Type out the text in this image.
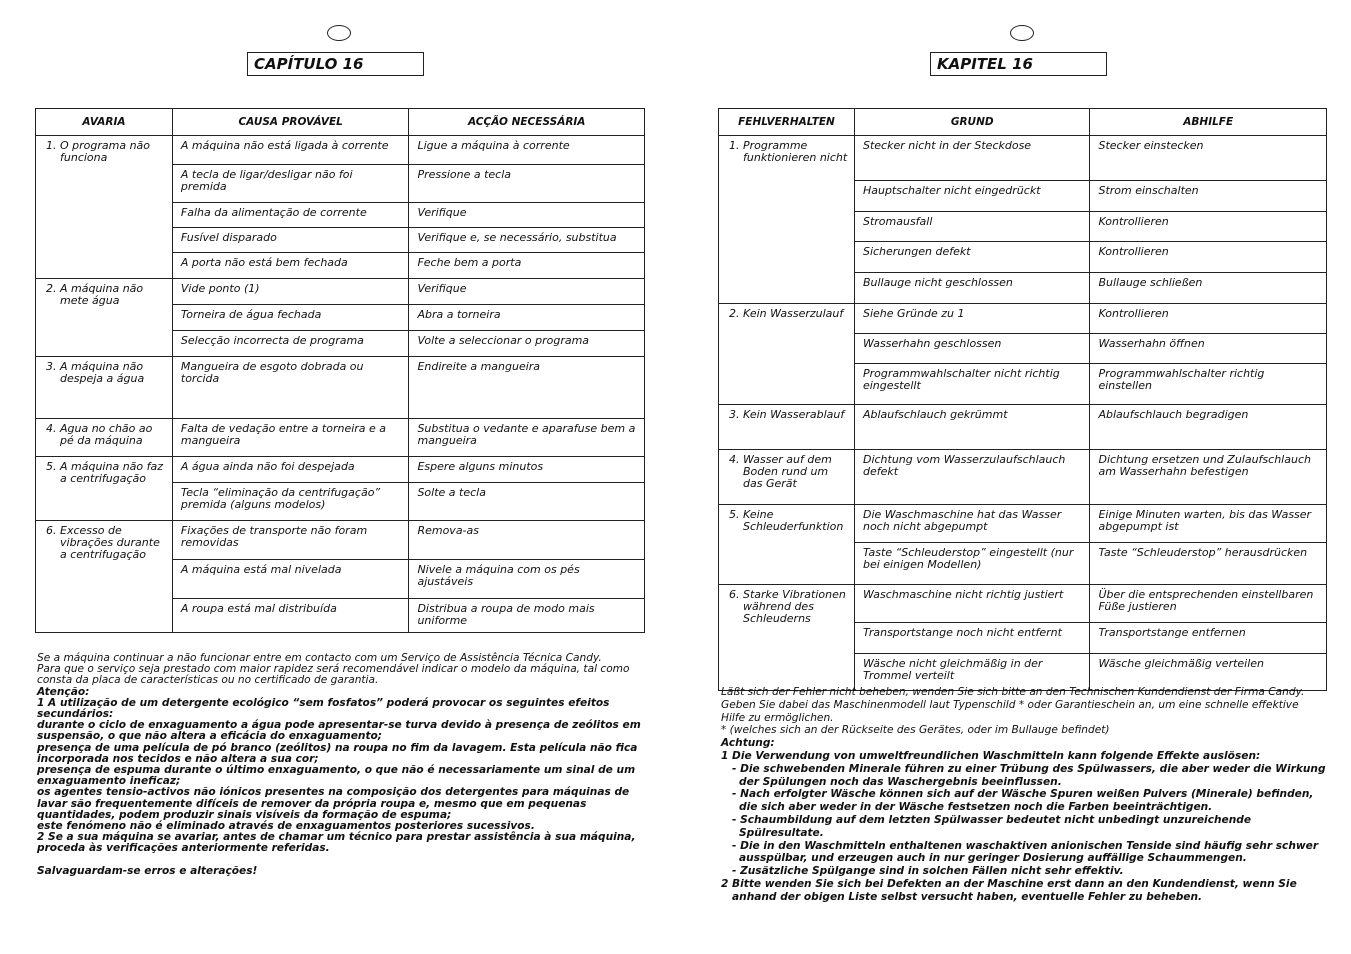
CAPÍTULO 16
AVARIA	CAUSA PROVÁVEL	ACÇÃO NECESSÁRIA

1. O programa não funciona	A máquina não está ligada à corrente	Ligue a máquina à corrente
	A tecla de ligar/desligar não foi premida	Pressione a tecla
	Falha da alimentação de corrente	Verifique
	Fusível disparado	Verifique e, se necessário, substitua
	A porta não está bem fechada	Feche bem a porta

2. A máquina não mete água	Vide ponto (1)	Verifique
	Torneira de água fechada	Abra a torneira
	Selecção incorrecta de programa	Volte a seleccionar o programa

3. A máquina não despeja a água	Mangueira de esgoto dobrada ou torcida	Endireite a mangueira

4. Agua no chão ao pé da máquina	Falta de vedação entre a torneira e a mangueira	Substitua o vedante e aparafuse bem a mangueira

5. A máquina não faz a centrifugação	A água ainda não foi despejada	Espere alguns minutos
	Tecla “eliminação da centrifugação” premida (alguns modelos)	Solte a tecla

6. Excesso de vibrações durante a centrifugação	Fixações de transporte não foram removidas	Remova-as
	A máquina está mal nivelada	Nivele a máquina com os pés ajustáveis
	A roupa está mal distribuída	Distribua a roupa de modo mais uniforme

Se a máquina continuar a não funcionar entre em contacto com um Serviço de Assistência Técnica Candy.

Para que o serviço seja prestado com maior rapidez será recomendável indicar o modelo da máquina, tal como consta da placa de características ou no certificado de garantia.

Atenção:

1 A utilização de um detergente ecológico “sem fosfatos” poderá provocar os seguintes efeitos secundários:

durante o ciclo de enxaguamento a água pode apresentar-se turva devido à presença de zeólitos em suspensão, o que não altera a eficácia do enxaguamento;

presença de uma película de pó branco (zeólitos) na roupa no fim da lavagem. Esta película não fica incorporada nos tecidos e não altera a sua cor;

presença de espuma durante o último enxaguamento, o que não é necessariamente um sinal de um enxaguamento ineficaz;

os agentes tensio-activos não iónicos presentes na composição dos detergentes para máquinas de lavar são frequentemente difíceis de remover da própria roupa e, mesmo que em pequenas quantidades, podem produzir sinais visíveis da formação de espuma;

este fenómeno não é eliminado através de enxaguamentos posteriores sucessivos.

2 Se a sua máquina se avariar, antes de chamar um técnico para prestar assistência à sua máquina, proceda às verificações anteriormente referidas.

Salvaguardam-se erros e alterações!

KAPITEL 16
FEHLVERHALTEN	GRUND	ABHILFE

1. Programme funktionieren nicht	Stecker nicht in der Steckdose	Stecker einstecken
	Hauptschalter nicht eingedrückt	Strom einschalten
	Stromausfall	Kontrollieren
	Sicherungen defekt	Kontrollieren
	Bullauge nicht geschlossen	Bullauge schließen

2. Kein Wasserzulauf	Siehe Gründe zu 1	Kontrollieren
	Wasserhahn geschlossen	Wasserhahn öffnen
	Programmwahlschalter nicht richtig eingestellt	Programmwahlschalter richtig einstellen

3. Kein Wasserablauf	Ablaufschlauch gekrümmt	Ablaufschlauch begradigen

4. Wasser auf dem Boden rund um das Gerät	Dichtung vom Wasserzulaufschlauch defekt	Dichtung ersetzen und Zulaufschlauch am Wasserhahn befestigen

5. Keine Schleuderfunktion	Die Waschmaschine hat das Wasser noch nicht abgepumpt	Einige Minuten warten, bis das Wasser abgepumpt ist
	Taste “Schleuderstop” eingestellt (nur bei einigen Modellen)	Taste “Schleuderstop” herausdrücken

6. Starke Vibrationen während des Schleuderns	Waschmaschine nicht richtig justiert	Über die entsprechenden einstellbaren Füße justieren
	Transportstange noch nicht entfernt	Transportstange entfernen
	Wäsche nicht gleichmäßig in der Trommel verteilt	Wäsche gleichmäßig verteilen

Läßt sich der Fehler nicht beheben, wenden Sie sich bitte an den Technischen Kundendienst der Firma Candy. Geben Sie dabei das Maschinenmodell laut Typenschild * oder Garantieschein an, um eine schnelle effektive Hilfe zu ermöglichen.

* (welches sich an der Rückseite des Gerätes, oder im Bullauge befindet)

Achtung:

1 Die Verwendung von umweltfreundlichen Waschmitteln kann folgende Effekte auslösen:

- Die schwebenden Minerale führen zu einer Trübung des Spülwassers, die aber weder die Wirkung der Spülungen noch das Waschergebnis beeinflussen.

- Nach erfolgter Wäsche können sich auf der Wäsche Spuren weißen Pulvers (Minerale) befinden, die sich aber weder in der Wäsche festsetzen noch die Farben beeinträchtigen.

- Schaumbildung auf dem letzten Spülwasser bedeutet nicht unbedingt unzureichende Spülresultate.

- Die in den Waschmitteln enthaltenen waschaktiven anionischen Tenside sind häufig sehr schwer ausspülbar, und erzeugen auch in nur geringer Dosierung auffällige Schaummengen.

- Zusätzliche Spülgange sind in solchen Fällen nicht sehr effektiv.

2 Bitte wenden Sie sich bei Defekten an der Maschine erst dann an den Kundendienst, wenn Sie anhand der obigen Liste selbst versucht haben, eventuelle Fehler zu beheben.
